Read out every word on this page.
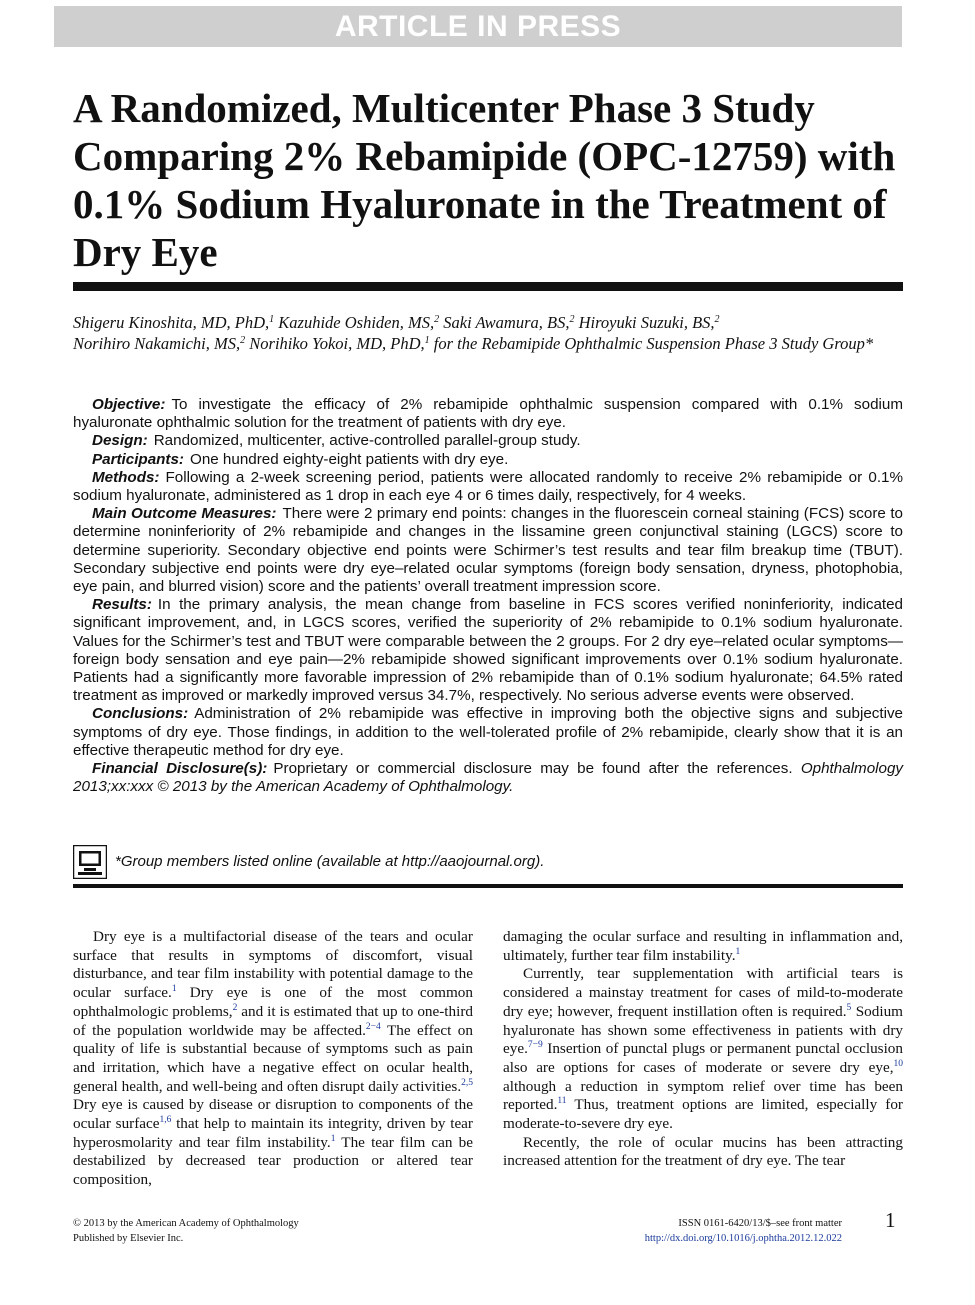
ARTICLE IN PRESS
A Randomized, Multicenter Phase 3 Study Comparing 2% Rebamipide (OPC-12759) with 0.1% Sodium Hyaluronate in the Treatment of Dry Eye
Shigeru Kinoshita, MD, PhD,$^1$ Kazuhide Oshiden, MS,$^2$ Saki Awamura, BS,$^2$ Hiroyuki Suzuki, BS,$^2$
Norihiro Nakamichi, MS,$^2$ Norihiko Yokoi, MD, PhD,$^1$ for the Rebamipide Ophthalmic Suspension Phase 3 Study Group*

Objective: To investigate the efficacy of 2% rebamipide ophthalmic suspension compared with 0.1% sodium hyaluronate ophthalmic solution for the treatment of patients with dry eye.

Design: Randomized, multicenter, active-controlled parallel-group study.

Participants: One hundred eighty-eight patients with dry eye.

Methods: Following a 2-week screening period, patients were allocated randomly to receive 2% rebamipide or 0.1% sodium hyaluronate, administered as 1 drop in each eye 4 or 6 times daily, respectively, for 4 weeks.

Main Outcome Measures: There were 2 primary end points: changes in the fluorescein corneal staining (FCS) score to determine noninferiority of 2% rebamipide and changes in the lissamine green conjunctival staining (LGCS) score to determine superiority. Secondary objective end points were Schirmer’s test results and tear film breakup time (TBUT). Secondary subjective end points were dry eye–related ocular symptoms (foreign body sensation, dryness, photophobia, eye pain, and blurred vision) score and the patients’ overall treatment impression score.

Results: In the primary analysis, the mean change from baseline in FCS scores verified noninferiority, indicated significant improvement, and, in LGCS scores, verified the superiority of 2% rebamipide to 0.1% sodium hyaluronate. Values for the Schirmer’s test and TBUT were comparable between the 2 groups. For 2 dry eye–related ocular symptoms—foreign body sensation and eye pain—2% rebamipide showed significant improvements over 0.1% sodium hyaluronate. Patients had a significantly more favorable impression of 2% rebamipide than of 0.1% sodium hyaluronate; 64.5% rated treatment as improved or markedly improved versus 34.7%, respectively. No serious adverse events were observed.

Conclusions: Administration of 2% rebamipide was effective in improving both the objective signs and subjective symptoms of dry eye. Those findings, in addition to the well-tolerated profile of 2% rebamipide, clearly show that it is an effective therapeutic method for dry eye.

Financial Disclosure(s): Proprietary or commercial disclosure may be found after the references. Ophthalmology 2013;xx:xxx © 2013 by the American Academy of Ophthalmology.

*Group members listed online (available at http://aaojournal.org).

Dry eye is a multifactorial disease of the tears and ocular surface that results in symptoms of discomfort, visual disturbance, and tear film instability with potential damage to the ocular surface.$^1$ Dry eye is one of the most common ophthalmologic problems,$^2$ and it is estimated that up to one-third of the population worldwide may be affected.$^{2-4}$ The effect on quality of life is substantial because of symptoms such as pain and irritation, which have a negative effect on ocular health, general health, and well-being and often disrupt daily activities.$^{2,5}$ Dry eye is caused by disease or disruption to components of the ocular surface$^{1,6}$ that help to maintain its integrity, driven by tear hyperosmolarity and tear film instability.$^1$ The tear film can be destabilized by decreased tear production or altered tear composition,

damaging the ocular surface and resulting in inflammation and, ultimately, further tear film instability.$^1$

Currently, tear supplementation with artificial tears is considered a mainstay treatment for cases of mild-to-moderate dry eye; however, frequent instillation often is required.$^5$ Sodium hyaluronate has shown some effectiveness in patients with dry eye.$^{7-9}$ Insertion of punctal plugs or permanent punctal occlusion also are options for cases of moderate or severe dry eye,$^{10}$ although a reduction in symptom relief over time has been reported.$^{11}$ Thus, treatment options are limited, especially for moderate-to-severe dry eye.

Recently, the role of ocular mucins has been attracting increased attention for the treatment of dry eye. The tear

© 2013 by the American Academy of Ophthalmology
Published by Elsevier Inc.
ISSN 0161-6420/13/$–see front matter
http://dx.doi.org/10.1016/j.ophtha.2012.12.022
1
